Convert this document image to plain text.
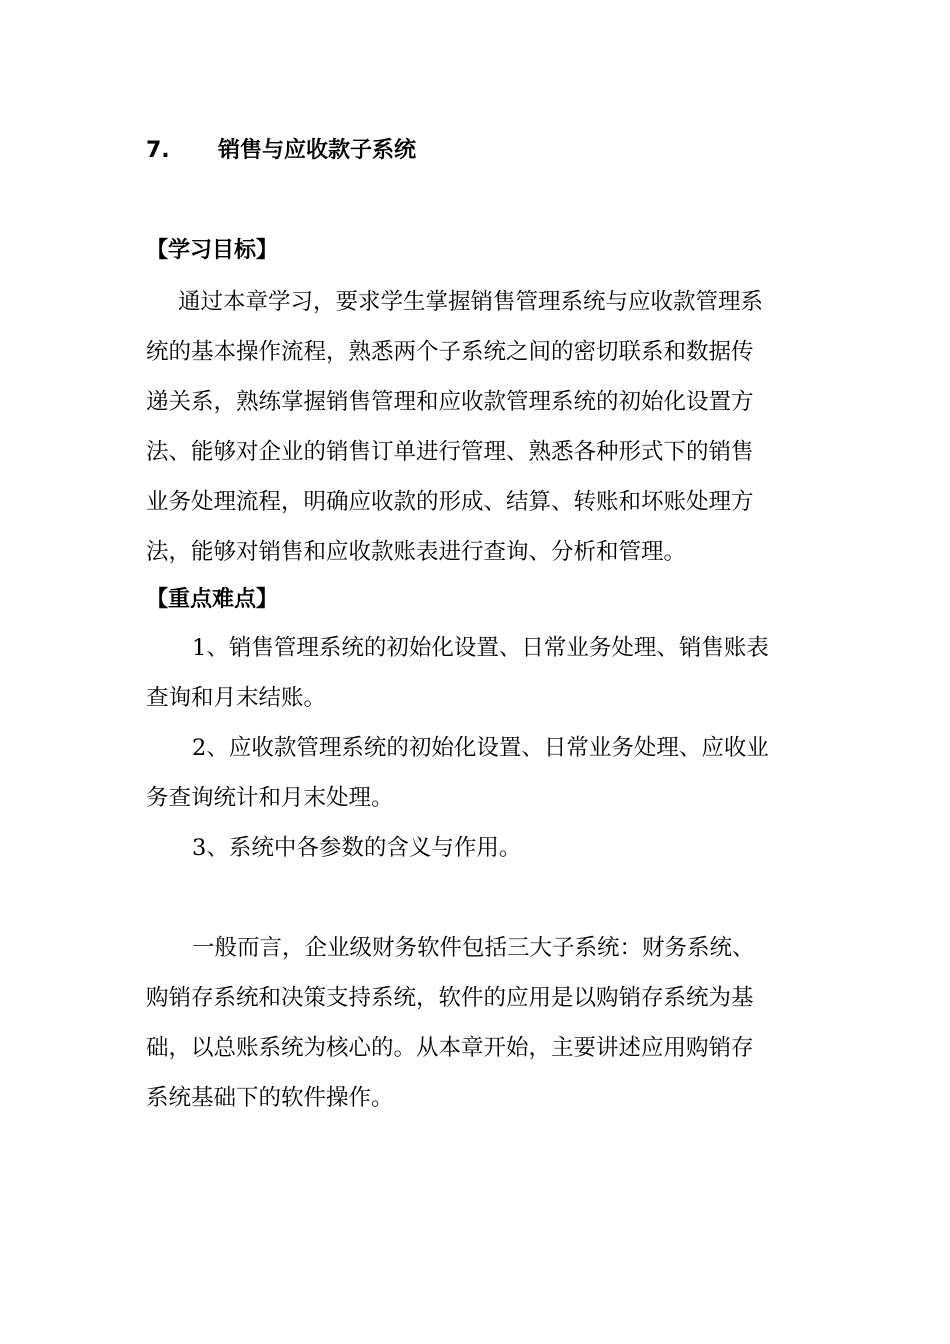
7. 销售与应收款子系统
【学习目标】
通过本章学习，要求学生掌握销售管理系统与应收款管理系
统的基本操作流程，熟悉两个子系统之间的密切联系和数据传
递关系，熟练掌握销售管理和应收款管理系统的初始化设置方
法、能够对企业的销售订单进行管理、熟悉各种形式下的销售
业务处理流程，明确应收款的形成、结算、转账和坏账处理方
法，能够对销售和应收款账表进行查询、分析和管理。
【重点难点】
1、销售管理系统的初始化设置、日常业务处理、销售账表
查询和月末结账。
2、应收款管理系统的初始化设置、日常业务处理、应收业
务查询统计和月末处理。
3、系统中各参数的含义与作用。
一般而言，企业级财务软件包括三大子系统：财务系统、
购销存系统和决策支持系统，软件的应用是以购销存系统为基
础，以总账系统为核心的。从本章开始，主要讲述应用购销存
系统基础下的软件操作。
